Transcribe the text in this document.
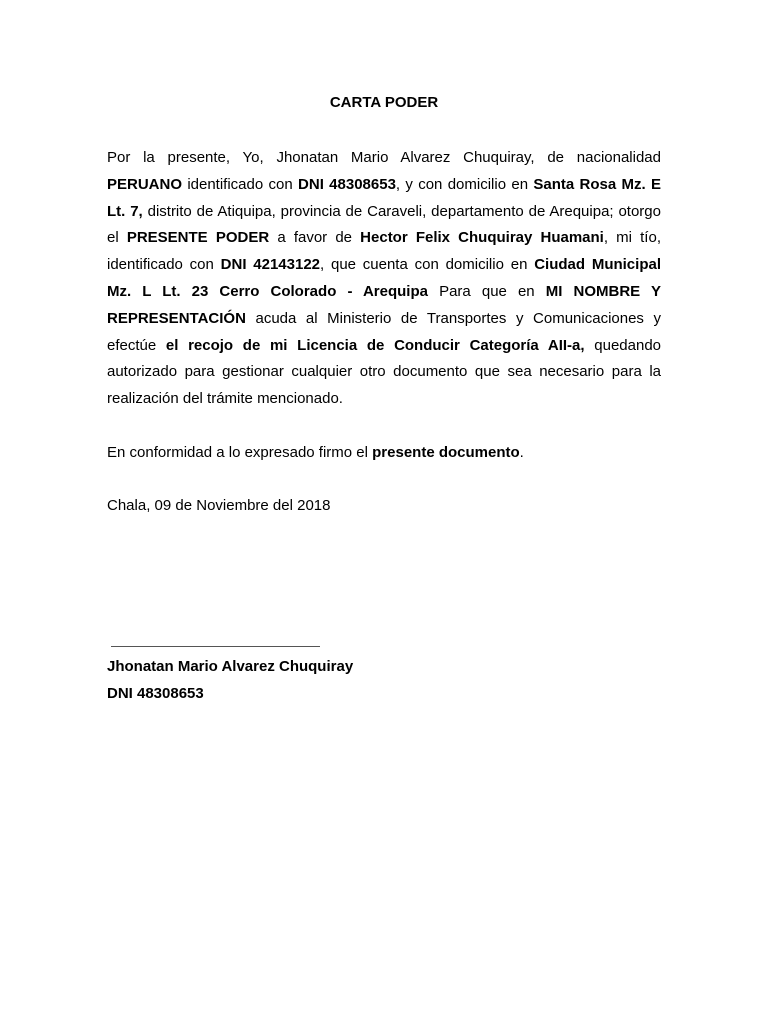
CARTA PODER
Por la presente, Yo, Jhonatan Mario Alvarez Chuquiray, de nacionalidad PERUANO identificado con DNI 48308653, y con domicilio en Santa Rosa Mz. E Lt. 7, distrito de Atiquipa, provincia de Caraveli, departamento de Arequipa; otorgo el PRESENTE PODER a favor de Hector Felix Chuquiray Huamani, mi tío, identificado con DNI 42143122, que cuenta con domicilio en Ciudad Municipal Mz. L Lt. 23 Cerro Colorado - Arequipa Para que en MI NOMBRE Y REPRESENTACIÓN acuda al Ministerio de Transportes y Comunicaciones y efectúe el recojo de mi Licencia de Conducir Categoría AII-a, quedando autorizado para gestionar cualquier otro documento que sea necesario para la realización del trámite mencionado.
En conformidad a lo expresado firmo el presente documento.
Chala, 09 de Noviembre del 2018
Jhonatan Mario Alvarez Chuquiray
DNI 48308653
